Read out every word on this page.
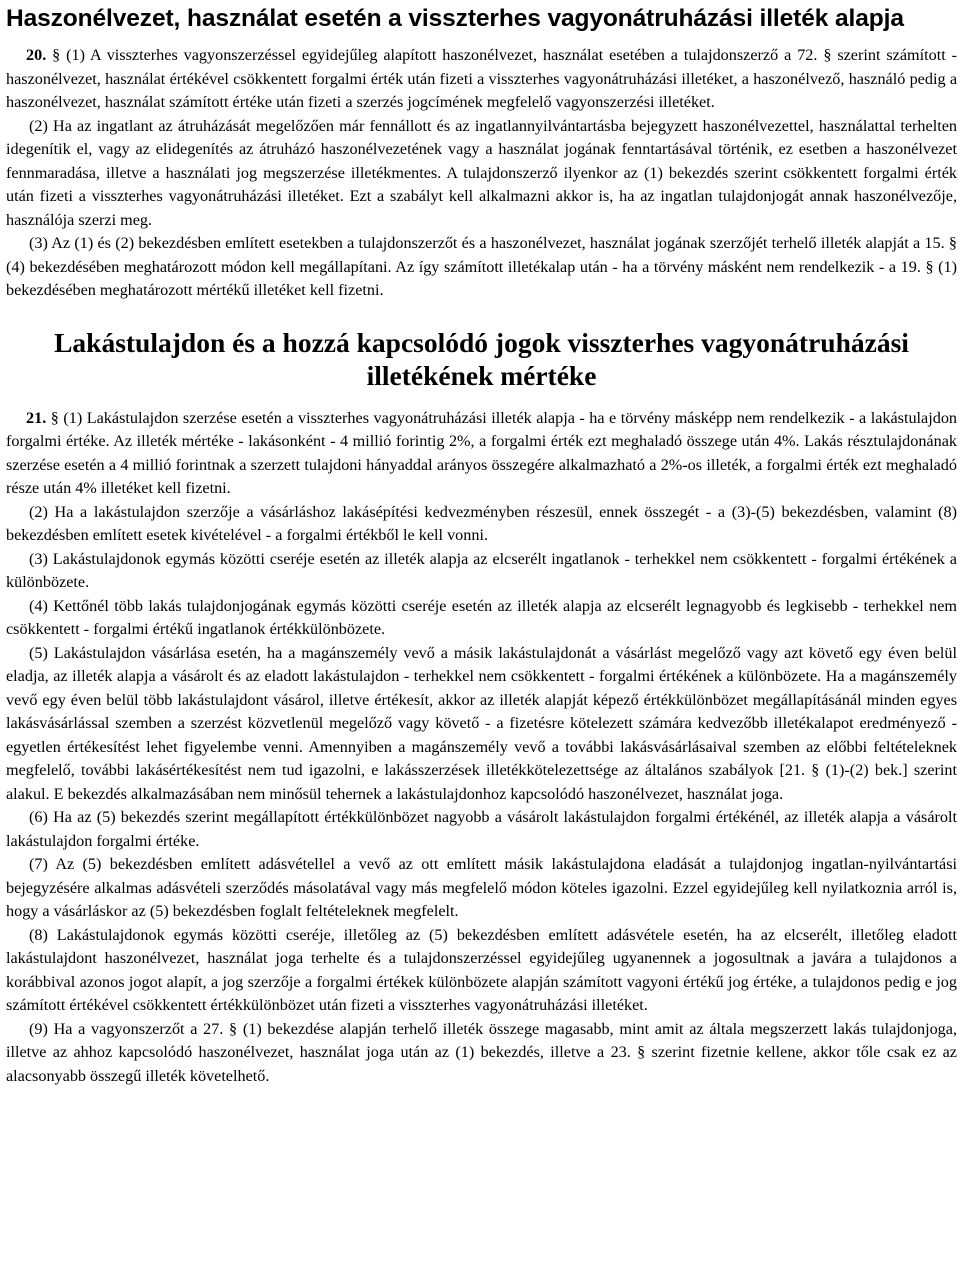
Haszonélvezet, használat esetén a visszterhes vagyonátruházási illeték alapja

20. § (1) A visszterhes vagyonszerzéssel egyidejűleg alapított haszonélvezet, használat esetében a tulajdonszerző a 72. § szerint számított - haszonélvezet, használat értékével csökkentett forgalmi érték után fizeti a visszterhes vagyonátruházási illetéket, a haszonélvező, használó pedig a haszonélvezet, használat számított értéke után fizeti a szerzés jogcímének megfelelő vagyonszerzési illetéket.

(2) Ha az ingatlant az átruházását megelőzően már fennállott és az ingatlannyilvántartásba bejegyzett haszonélvezettel, használattal terhelten idegenítik el, vagy az elidegenítés az átruházó haszonélvezetének vagy a használat jogának fenntartásával történik, ez esetben a haszonélvezet fennmaradása, illetve a használati jog megszerzése illetékmentes. A tulajdonszerző ilyenkor az (1) bekezdés szerint csökkentett forgalmi érték után fizeti a visszterhes vagyonátruházási illetéket. Ezt a szabályt kell alkalmazni akkor is, ha az ingatlan tulajdonjogát annak haszonélvezője, használója szerzi meg.

(3) Az (1) és (2) bekezdésben említett esetekben a tulajdonszerzőt és a haszonélvezet, használat jogának szerzőjét terhelő illeték alapját a 15. § (4) bekezdésében meghatározott módon kell megállapítani. Az így számított illetékalap után - ha a törvény másként nem rendelkezik - a 19. § (1) bekezdésében meghatározott mértékű illetéket kell fizetni.

Lakástulajdon és a hozzá kapcsolódó jogok visszterhes vagyonátruházási illetékének mértéke

21. § (1) Lakástulajdon szerzése esetén a visszterhes vagyonátruházási illeték alapja - ha e törvény másképp nem rendelkezik - a lakástulajdon forgalmi értéke. Az illeték mértéke - lakásonként - 4 millió forintig 2%, a forgalmi érték ezt meghaladó összege után 4%. Lakás résztulajdonának szerzése esetén a 4 millió forintnak a szerzett tulajdoni hányaddal arányos összegére alkalmazható a 2%-os illeték, a forgalmi érték ezt meghaladó része után 4% illetéket kell fizetni.

(2) Ha a lakástulajdon szerzője a vásárláshoz lakásépítési kedvezményben részesül, ennek összegét - a (3)-(5) bekezdésben, valamint (8) bekezdésben említett esetek kivételével - a forgalmi értékből le kell vonni.

(3) Lakástulajdonok egymás közötti cseréje esetén az illeték alapja az elcserélt ingatlanok - terhekkel nem csökkentett - forgalmi értékének a különbözete.

(4) Kettőnél több lakás tulajdonjogának egymás közötti cseréje esetén az illeték alapja az elcserélt legnagyobb és legkisebb - terhekkel nem csökkentett - forgalmi értékű ingatlanok értékkülönbözete.

(5) Lakástulajdon vásárlása esetén, ha a magánszemély vevő a másik lakástulajdonát a vásárlást megelőző vagy azt követő egy éven belül eladja, az illeték alapja a vásárolt és az eladott lakástulajdon - terhekkel nem csökkentett - forgalmi értékének a különbözete. Ha a magánszemély vevő egy éven belül több lakástulajdont vásárol, illetve értékesít, akkor az illeték alapját képező értékkülönbözet megállapításánál minden egyes lakásvásárlással szemben a szerzést közvetlenül megelőző vagy követő - a fizetésre kötelezett számára kedvezőbb illetékalapot eredményező - egyetlen értékesítést lehet figyelembe venni. Amennyiben a magánszemély vevő a további lakásvásárlásaival szemben az előbbi feltételeknek megfelelő, további lakásértékesítést nem tud igazolni, e lakásszerzések illetékkötelezettsége az általános szabályok [21. § (1)-(2) bek.] szerint alakul. E bekezdés alkalmazásában nem minősül tehernek a lakástulajdonhoz kapcsolódó haszonélvezet, használat joga.

(6) Ha az (5) bekezdés szerint megállapított értékkülönbözet nagyobb a vásárolt lakástulajdon forgalmi értékénél, az illeték alapja a vásárolt lakástulajdon forgalmi értéke.

(7) Az (5) bekezdésben említett adásvétellel a vevő az ott említett másik lakástulajdona eladását a tulajdonjog ingatlan-nyilvántartási bejegyzésére alkalmas adásvételi szerződés másolatával vagy más megfelelő módon köteles igazolni. Ezzel egyidejűleg kell nyilatkoznia arról is, hogy a vásárláskor az (5) bekezdésben foglalt feltételeknek megfelelt.

(8) Lakástulajdonok egymás közötti cseréje, illetőleg az (5) bekezdésben említett adásvétele esetén, ha az elcserélt, illetőleg eladott lakástulajdont haszonélvezet, használat joga terhelte és a tulajdonszerzéssel egyidejűleg ugyanennek a jogosultnak a javára a tulajdonos a korábbival azonos jogot alapít, a jog szerzője a forgalmi értékek különbözete alapján számított vagyoni értékű jog értéke, a tulajdonos pedig e jog számított értékével csökkentett értékkülönbözet után fizeti a visszterhes vagyonátruházási illetéket.

(9) Ha a vagyonszerzőt a 27. § (1) bekezdése alapján terhelő illeték összege magasabb, mint amit az általa megszerzett lakás tulajdonjoga, illetve az ahhoz kapcsolódó haszonélvezet, használat joga után az (1) bekezdés, illetve a 23. § szerint fizetnie kellene, akkor tőle csak ez az alacsonyabb összegű illeték követelhető.
